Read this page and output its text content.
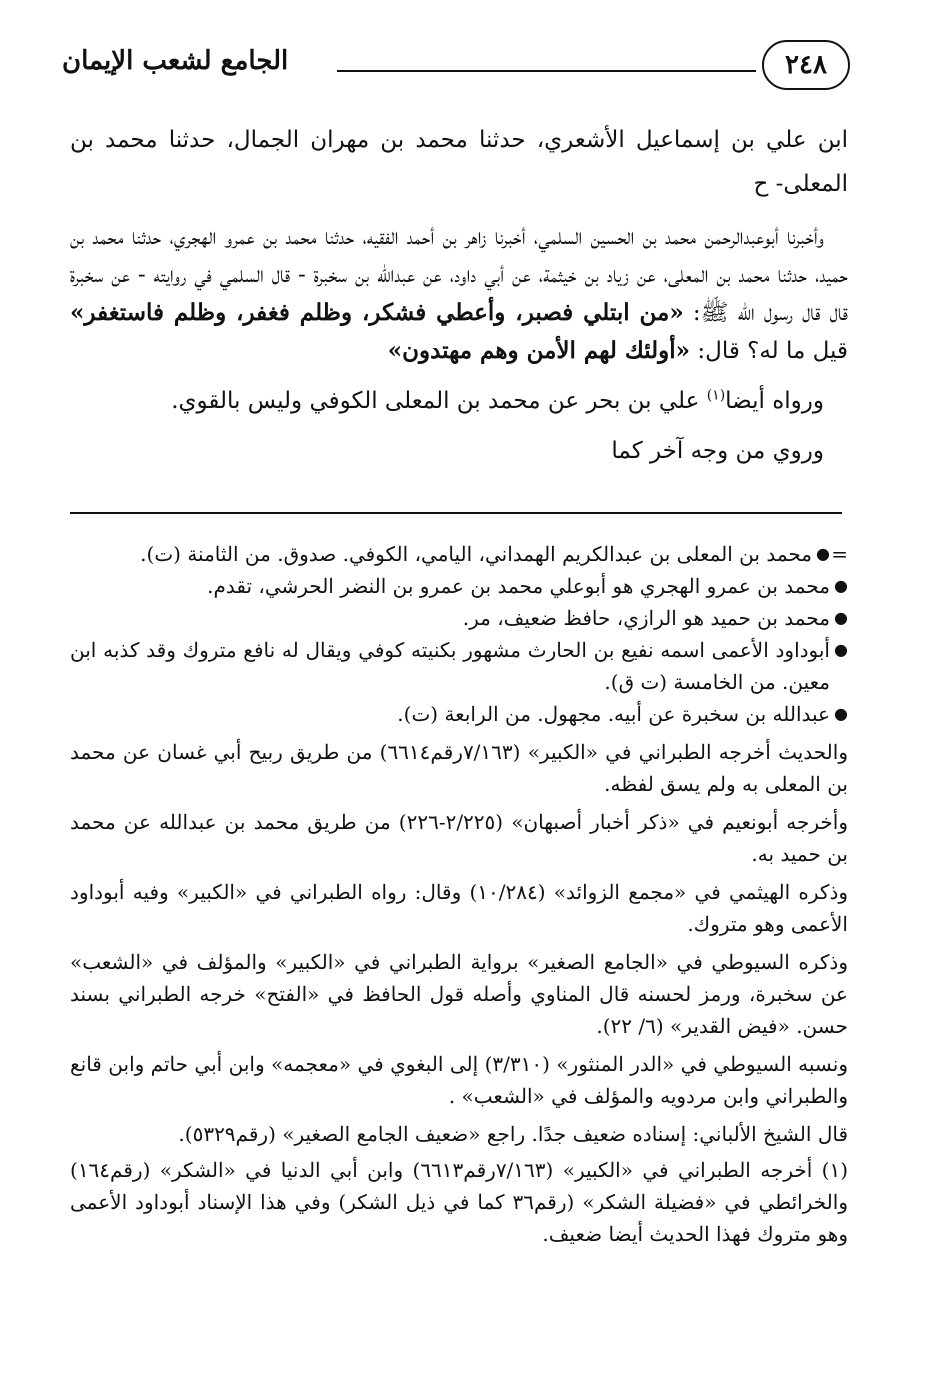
٢٤٨
الجامع لشعب الإيمان

ابن علي بن إسماعيل الأشعري، حدثنا محمد بن مهران الجمال، حدثنا محمد بن المعلى- ح

وأخبرنا أبوعبدالرحمن محمد بن الحسين السلمي، أخبرنا زاهر بن أحمد الفقيه، حدثنا محمد بن عمرو الهجري، حدثنا محمد بن حميد، حدثنا محمد بن المعلى، عن زياد بن خيثمة، عن أبي داود، عن عبدالله بن سخبرة - قال السلمي في روايته - عن سخبرة قال قال رسول الله ﷺ: «من ابتلي فصبر، وأعطي فشكر، وظلم فغفر، وظلم فاستغفر» قيل ما له؟ قال: «أولئك لهم الأمن وهم مهتدون»

ورواه أيضا$^{(١)}$ علي بن بحر عن محمد بن المعلى الكوفي وليس بالقوي.

وروي من وجه آخر كما

=
●
محمد بن المعلى بن عبدالكريم الهمداني، اليامي، الكوفي. صدوق. من الثامنة (ت).

●
محمد بن عمرو الهجري هو أبوعلي محمد بن عمرو بن النضر الحرشي، تقدم.

●
محمد بن حميد هو الرازي، حافظ ضعيف، مر.

●
أبوداود الأعمى اسمه نفيع بن الحارث مشهور بكنيته كوفي ويقال له نافع متروك وقد كذبه ابن معين. من الخامسة (ت ق).

●
عبدالله بن سخبرة عن أبيه. مجهول. من الرابعة (ت).

والحديث أخرجه الطبراني في «الكبير» (٧/١٦٣رقم٦٦١٤) من طريق ربيح أبي غسان عن محمد بن المعلى به ولم يسق لفظه.

وأخرجه أبونعيم في «ذكر أخبار أصبهان» (٢/٢٢٥-٢٢٦) من طريق محمد بن عبدالله عن محمد بن حميد به.

وذكره الهيثمي في «مجمع الزوائد» (١٠/٢٨٤) وقال: رواه الطبراني في «الكبير» وفيه أبوداود الأعمى وهو متروك.

وذكره السيوطي في «الجامع الصغير» برواية الطبراني في «الكبير» والمؤلف في «الشعب» عن سخبرة، ورمز لحسنه قال المناوي وأصله قول الحافظ في «الفتح» خرجه الطبراني بسند حسن. «فيض القدير» (٦/ ٢٢).

ونسبه السيوطي في «الدر المنثور» (٣/٣١٠) إلى البغوي في «معجمه» وابن أبي حاتم وابن قانع والطبراني وابن مردويه والمؤلف في «الشعب» .

قال الشيخ الألباني: إسناده ضعيف جدًا. راجع «ضعيف الجامع الصغير» (رقم٥٣٢٩).

(١) أخرجه الطبراني في «الكبير» (٧/١٦٣رقم٦٦١٣) وابن أبي الدنيا في «الشكر» (رقم١٦٤) والخرائطي في «فضيلة الشكر» (رقم٣٦ كما في ذيل الشكر) وفي هذا الإسناد أبوداود الأعمى وهو متروك فهذا الحديث أيضا ضعيف.
